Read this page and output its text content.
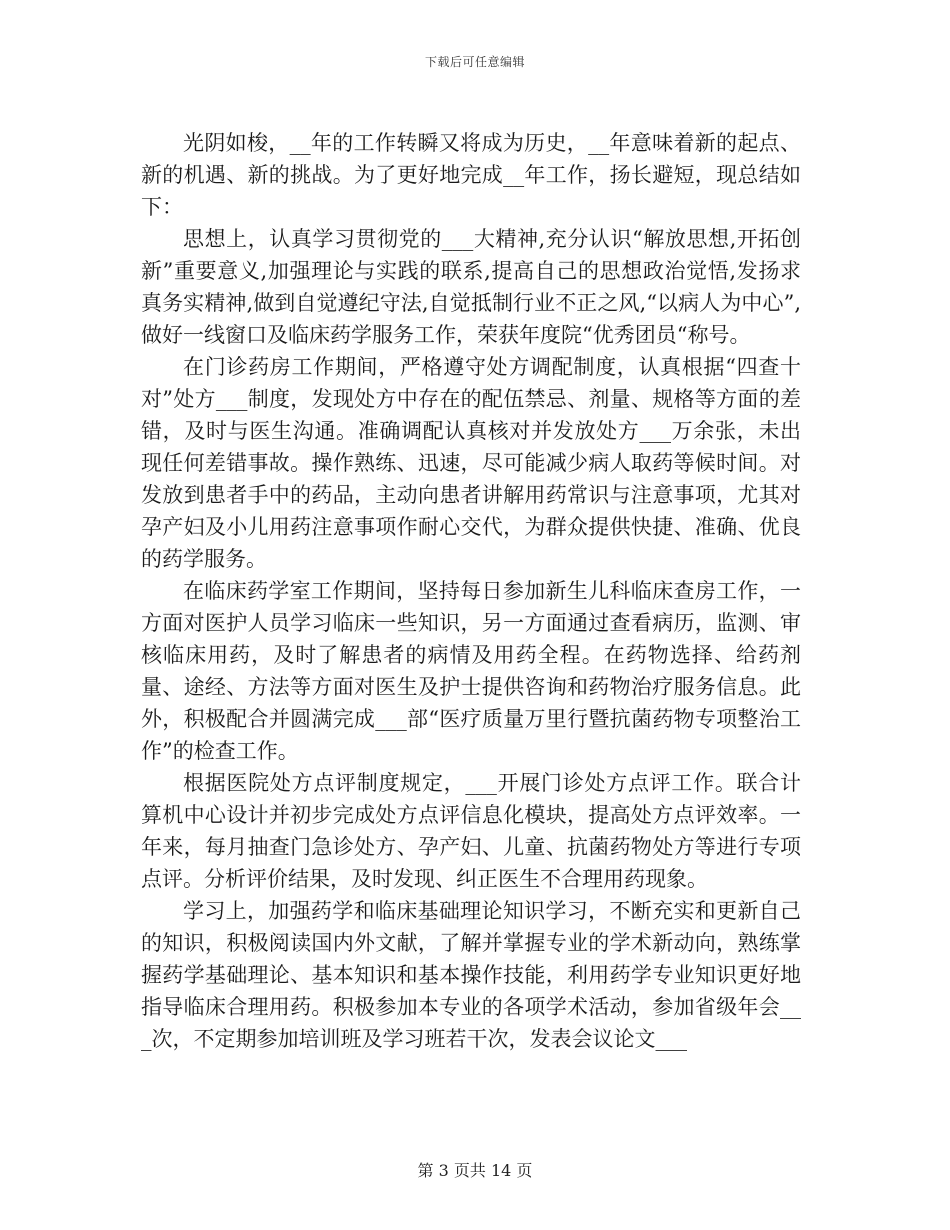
下载后可任意编辑

光阴如梭，__年的工作转瞬又将成为历史，__年意味着新的起点、新的机遇、新的挑战。为了更好地完成__年工作，扬长避短，现总结如下：

思想上，认真学习贯彻党的___大精神,充分认识“解放思想,开拓创新”重要意义,加强理论与实践的联系,提高自己的思想政治觉悟,发扬求真务实精神,做到自觉遵纪守法,自觉抵制行业不正之风,“以病人为中心”,做好一线窗口及临床药学服务工作，荣获年度院“优秀团员“称号。

在门诊药房工作期间，严格遵守处方调配制度，认真根据“四查十对”处方___制度，发现处方中存在的配伍禁忌、剂量、规格等方面的差错，及时与医生沟通。准确调配认真核对并发放处方___万余张，未出现任何差错事故。操作熟练、迅速，尽可能减少病人取药等候时间。对发放到患者手中的药品，主动向患者讲解用药常识与注意事项，尤其对孕产妇及小儿用药注意事项作耐心交代，为群众提供快捷、准确、优良的药学服务。

在临床药学室工作期间，坚持每日参加新生儿科临床查房工作，一方面对医护人员学习临床一些知识，另一方面通过查看病历，监测、审核临床用药，及时了解患者的病情及用药全程。在药物选择、给药剂量、途经、方法等方面对医生及护士提供咨询和药物治疗服务信息。此外，积极配合并圆满完成___部“医疗质量万里行暨抗菌药物专项整治工作”的检查工作。

根据医院处方点评制度规定，___开展门诊处方点评工作。联合计算机中心设计并初步完成处方点评信息化模块，提高处方点评效率。一年来，每月抽查门急诊处方、孕产妇、儿童、抗菌药物处方等进行专项点评。分析评价结果，及时发现、纠正医生不合理用药现象。

学习上，加强药学和临床基础理论知识学习，不断充实和更新自己的知识，积极阅读国内外文献，了解并掌握专业的学术新动向，熟练掌握药学基础理论、基本知识和基本操作技能，利用药学专业知识更好地指导临床合理用药。积极参加本专业的各项学术活动，参加省级年会___次，不定期参加培训班及学习班若干次，发表会议论文___

第 3 页共 14 页
